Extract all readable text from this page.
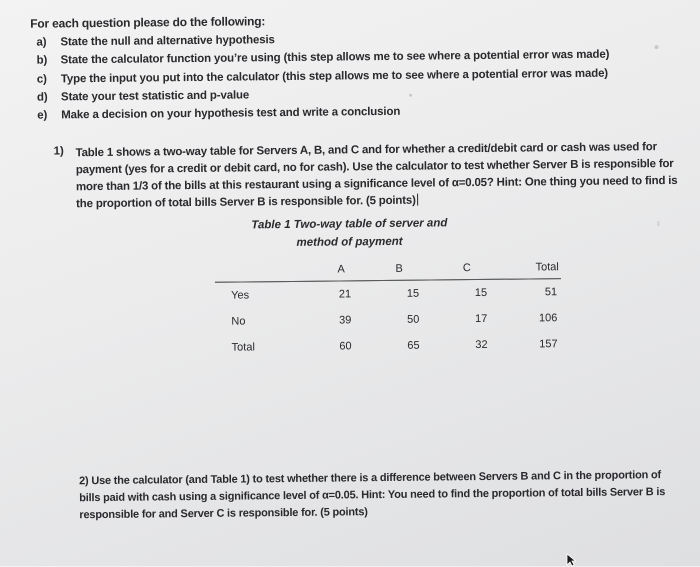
For each question please do the following:
a) State the null and alternative hypothesis
b) State the calculator function you’re using (this step allows me to see where a potential error was made)
c) Type the input you put into the calculator (this step allows me to see where a potential error was made)
d) State your test statistic and p-value
e) Make a decision on your hypothesis test and write a conclusion
1) Table 1 shows a two-way table for Servers A, B, and C and for whether a credit/debit card or cash was used for payment (yes for a credit or debit card, no for cash). Use the calculator to test whether Server B is responsible for more than 1/3 of the bills at this restaurant using a significance level of α=0.05? Hint: One thing you need to find is the proportion of total bills Server B is responsible for. (5 points)
Table 1 Two-way table of server and
method of payment
	A	B	C	Total
Yes	21	15	15	51
No	39	50	17	106
Total	60	65	32	157
2) Use the calculator (and Table 1) to test whether there is a difference between Servers B and C in the proportion of bills paid with cash using a significance level of α=0.05. Hint: You need to find the proportion of total bills Server B is responsible for and Server C is responsible for. (5 points)
